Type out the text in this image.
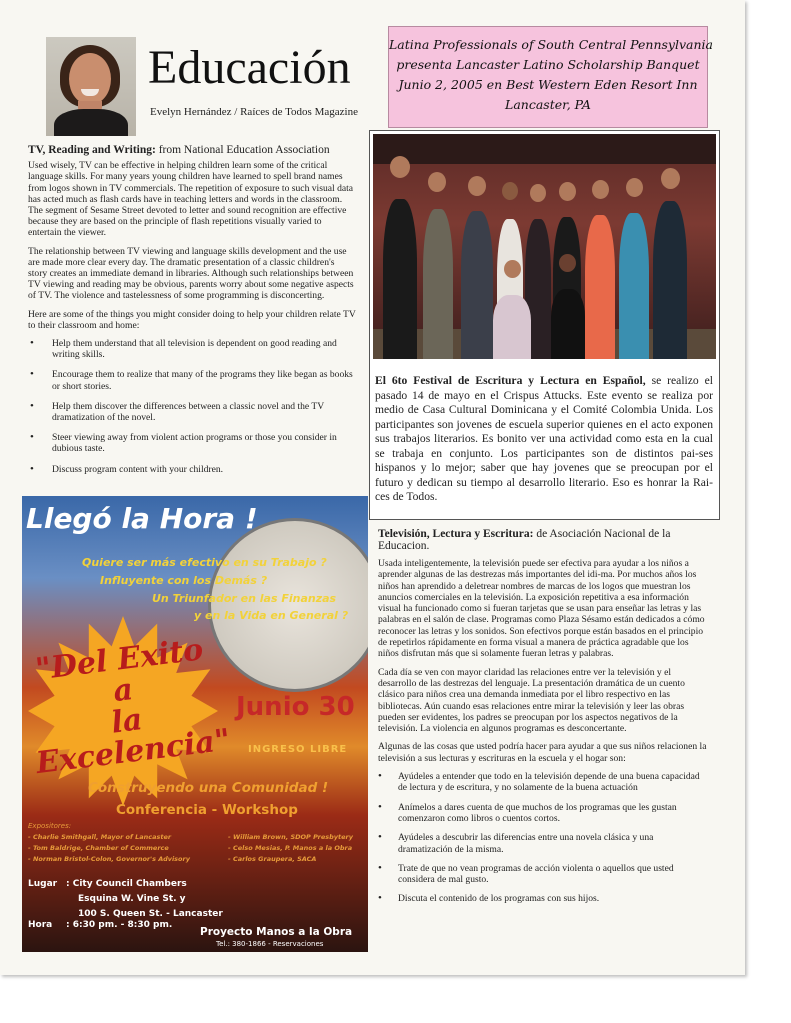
Educación
Evelyn Hernández / Raíces de Todos Magazine
Latina Professionals of South Central Pennsylvania
presenta Lancaster Latino Scholarship Banquet
Junio 2, 2005 en Best Western Eden Resort Inn
Lancaster, PA
TV, Reading and Writing: from National Education Association

Used wisely, TV can be effective in helping children learn some of the critical language skills. For many years young children have learned to spell brand names from logos shown in TV commercials. The repetition of exposure to such visual data has acted much as flash cards have in teaching letters and words in the classroom. The segment of Sesame Street devoted to letter and sound recognition are effective because they are based on the principle of flash repetitions visually varied to entertain the viewer.

The relationship between TV viewing and language skills development and the use are made more clear every day. The dramatic presentation of a classic children's story creates an immediate demand in libraries. Although such relationships between TV viewing and reading may be obvious, parents worry about some negative aspects of TV. The violence and tastelessness of some programming is disconcerting.

Here are some of the things you might consider doing to help your children relate TV to their classroom and home:

• Help them understand that all television is dependent on good reading and writing skills.
• Encourage them to realize that many of the programs they like began as books or short stories.
• Help them discover the differences between a classic novel and the TV dramatization of the novel.
• Steer viewing away from violent action programs or those you consider in dubious taste.
• Discuss program content with your children.
El 6to Festival de Escritura y Lectura en Español, se realizo el pasado 14 de mayo en el Crispus Attucks. Este evento se realiza por medio de Casa Cultural Dominicana y el Comité Colombia Unida. Los participantes son jovenes de escuela superior quienes en el acto exponen sus trabajos literarios. Es bonito ver una actividad como esta en la cual se trabaja en conjunto. Los participantes son de distintos pai-ses hispanos y lo mejor; saber que hay jovenes que se preocupan por el futuro y dedican su tiempo al desarrollo literario. Eso es honrar la Rai-ces de Todos.
Llegó la Hora !
Quiere ser más efectivo en su Trabajo ?
Influyente con los Demás ?
Un Triunfador en las Finanzas
y en la Vida en General ?
"Del Exito a
la Excelencia"
Junio 30
INGRESO LIBRE
Construyendo una Comunidad !
Conferencia - Workshop
Expositores:
- Charlie Smithgall, Mayor of Lancaster
- Tom Baldrige, Chamber of Commerce
- Norman Bristol-Colon, Governor's Advisory
- William Brown, SDOP Presbytery
- Celso Mesias, P. Manos a la Obra
- Carlos Graupera, SACA
Lugar : City Council Chambers
Esquina W. Vine St. y
100 S. Queen St. - Lancaster
Hora : 6:30 pm. - 8:30 pm.
Proyecto Manos a la Obra
Tel.: 380-1866 - Reservaciones
Televisión, Lectura y Escritura: de Asociación Nacional de la Educacion.

Usada inteligentemente, la televisión puede ser efectiva para ayudar a los niños a aprender algunas de las destrezas más importantes del idi-ma. Por muchos años los niños han aprendido a deletrear nombres de marcas de los logos que muestran los anuncios comerciales en la televisión. La exposición repetitiva a esa información visual ha funcionado como si fueran tarjetas que se usan para enseñar las letras y las palabras en el salón de clase. Programas como Plaza Sésamo están dedicados a cómo reconocer las letras y los sonidos. Son efectivos porque están basados en el principio de repetirlos rápidamente en forma visual a manera de práctica agradable que los niños disfrutan más que si solamente fueran letras y palabras.

Cada día se ven con mayor claridad las relaciones entre ver la televisión y el desarrollo de las destrezas del lenguaje. La presentación dramática de un cuento clásico para niños crea una demanda inmediata por el libro respectivo en las bibliotecas. Aún cuando esas relaciones entre mirar la televisión y leer las obras pueden ser evidentes, los padres se preocupan por los aspectos negativos de la televisión. La violencia en algunos programas es desconcertante.

Algunas de las cosas que usted podría hacer para ayudar a que sus niños relacionen la televisión a sus lecturas y escrituras en la escuela y el hogar son:

• Ayúdeles a entender que todo en la televisión depende de una buena capacidad de lectura y de escritura, y no solamente de la buena actuación
• Anímelos a dares cuenta de que muchos de los programas que les gustan comenzaron como libros o cuentos cortos.
• Ayúdeles a descubrir las diferencias entre una novela clásica y una dramatización de la misma.
• Trate de que no vean programas de acción violenta o aquellos que usted considera de mal gusto.
• Discuta el contenido de los programas con sus hijos.
